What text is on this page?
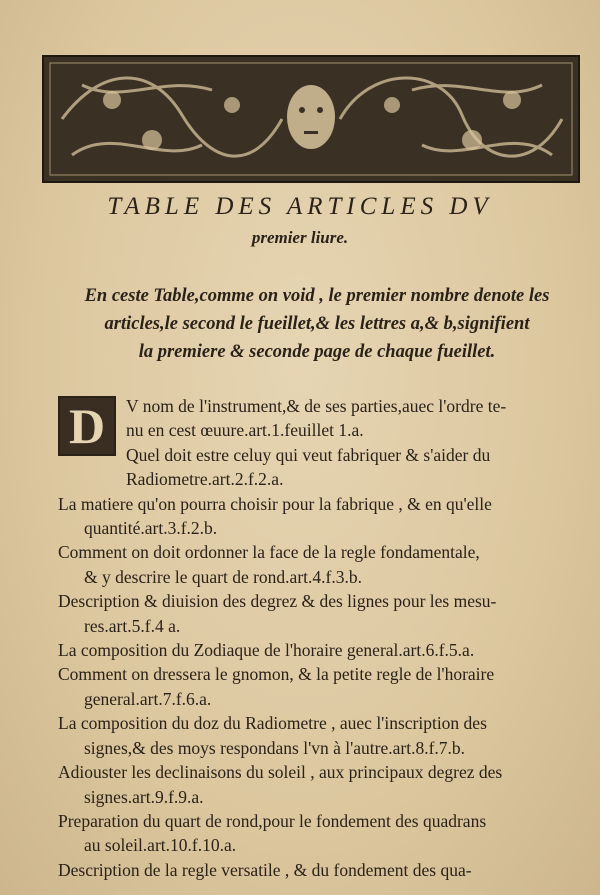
TABLE DES ARTICLES DV
premier liure.
En ceste Table,comme on void , le premier nombre denote les
articles,le second le fueillet,& les lettres a,& b,signifient
la premiere & seconde page de chaque fueillet.
D	V nom de l'instrument,& de ses parties,auec l'ordre te-
nu en cest œuure.art.1.feuillet 1.a.
Quel doit estre celuy qui veut fabriquer & s'aider du
Radiometre.art.2.f.2.a.
La matiere qu'on pourra choisir pour la fabrique , & en qu'elle
quantité.art.3.f.2.b.
Comment on doit ordonner la face de la regle fondamentale,
& y descrire le quart de rond.art.4.f.3.b.
Description & diuision des degrez & des lignes pour les mesu-
res.art.5.f.4 a.
La composition du Zodiaque de l'horaire general.art.6.f.5.a.
Comment on dressera le gnomon, & la petite regle de l'horaire
general.art.7.f.6.a.
La composition du doz du Radiometre , auec l'inscription des
signes,& des moys respondans l'vn à l'autre.art.8.f.7.b.
Adiouster les declinaisons du soleil , aux principaux degrez des
signes.art.9.f.9.a.
Preparation du quart de rond,pour le fondement des quadrans
au soleil.art.10.f.10.a.
Description de la regle versatile , & du fondement des qua-
